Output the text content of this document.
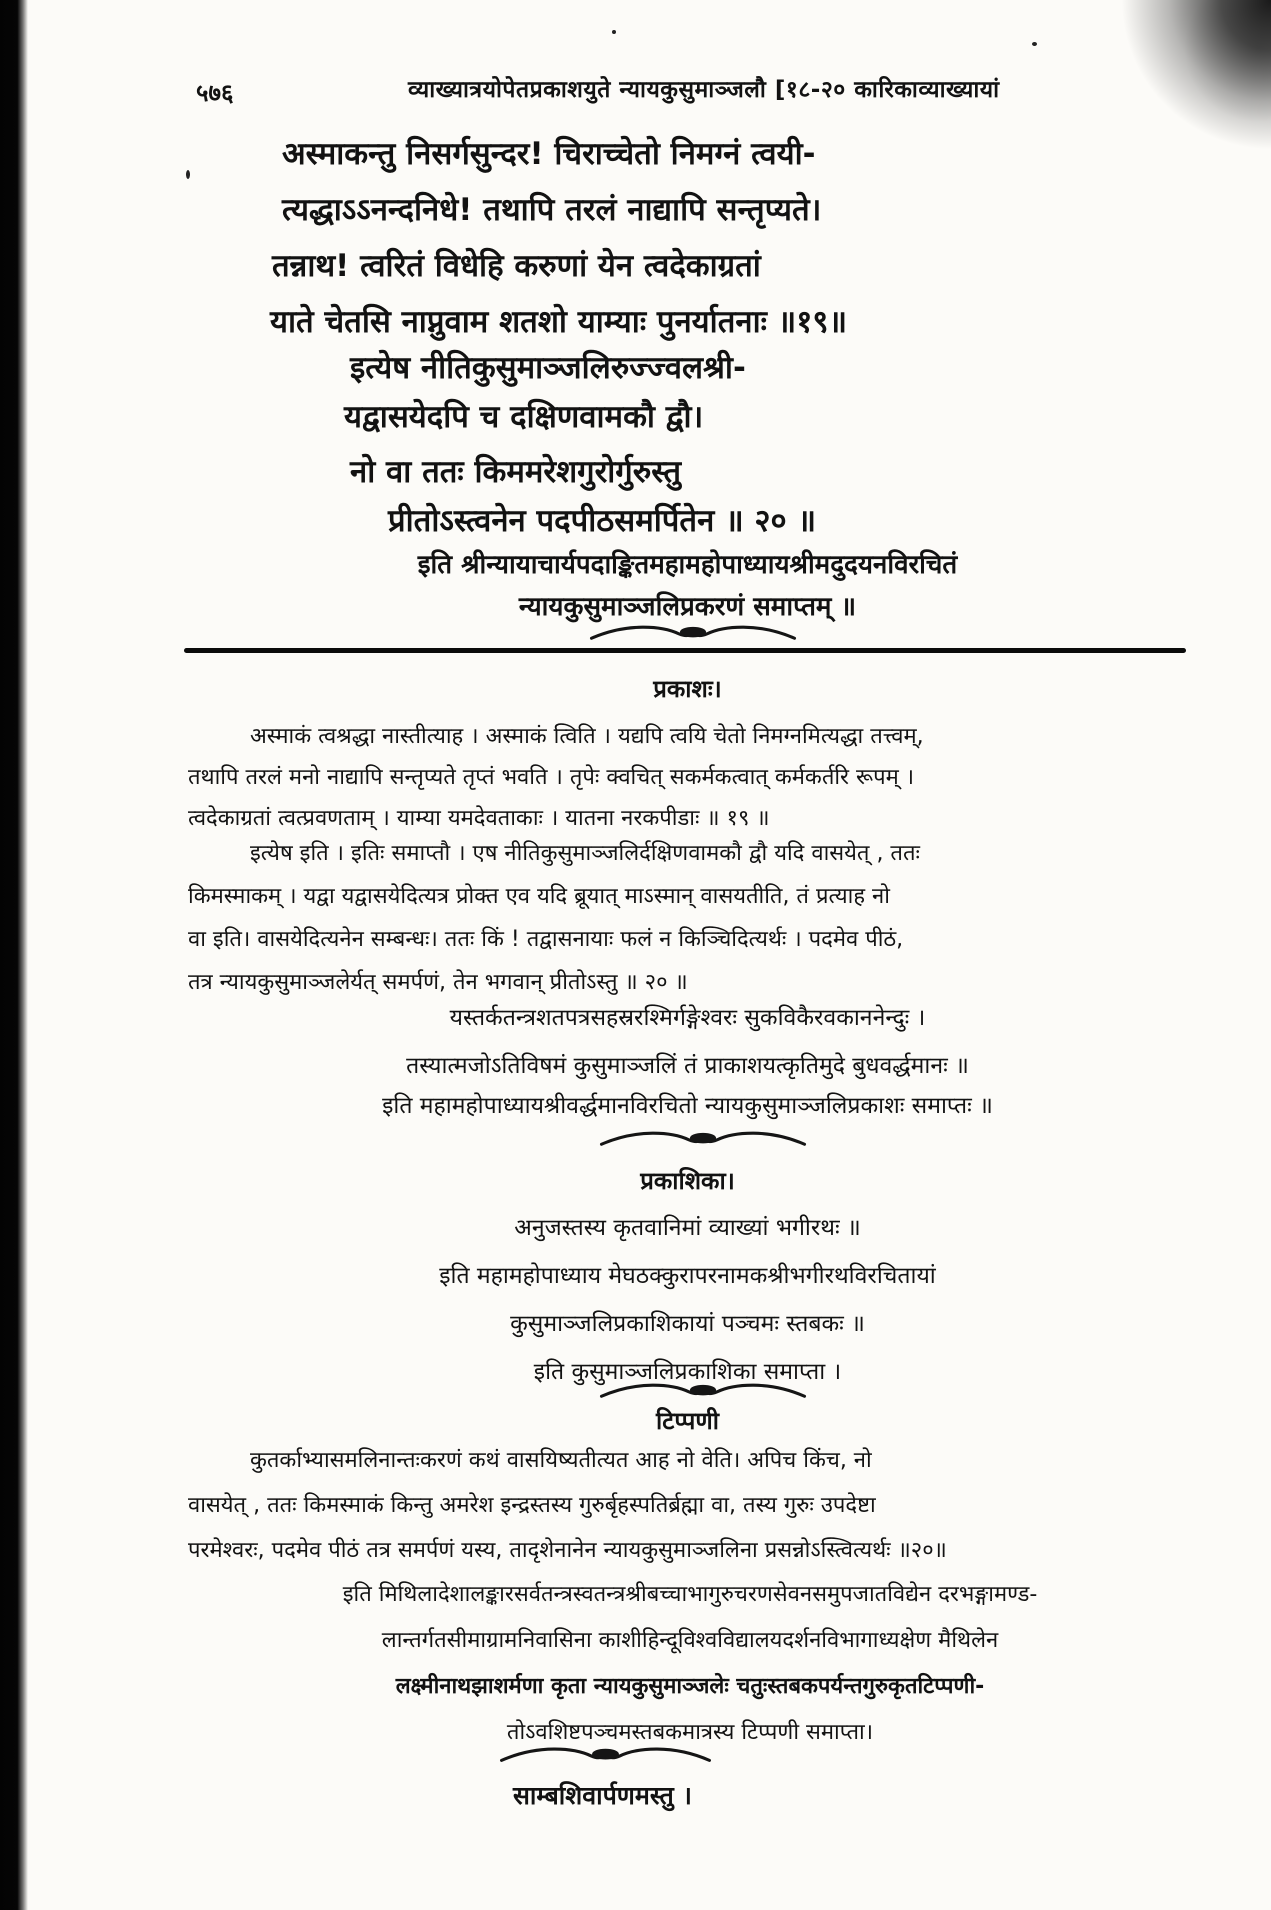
५७६	व्याख्यात्रयोपेतप्रकाशयुते न्यायकुसुमाञ्जलौ [१८-२० कारिकाव्याख्यायां
अस्माकन्तु निसर्गसुन्दर! चिराच्चेतो निमग्नं त्वयी-
त्यद्धाऽऽनन्दनिधे! तथापि तरलं नाद्यापि सन्तृप्यते।
तन्नाथ! त्वरितं विधेहि करुणां येन त्वदेकाग्रतां
याते चेतसि नाप्नुवाम शतशो याम्याः पुनर्यातनाः ॥१९॥
इत्येष नीतिकुसुमाञ्जलिरुज्ज्वलश्री-
यद्वासयेदपि च दक्षिणवामकौ द्वौ।
नो वा ततः किममरेशगुरोर्गुरुस्तु
प्रीतोऽस्त्वनेन पदपीठसमर्पितेन ॥ २० ॥
इति श्रीन्यायाचार्यपदाङ्कितमहामहोपाध्यायश्रीमदुदयनविरचितं
न्यायकुसुमाञ्जलिप्रकरणं समाप्तम् ॥
प्रकाशः।
अस्माकं त्वश्रद्धा नास्तीत्याह । अस्माकं त्विति । यद्यपि त्वयि चेतो निमग्नमित्यद्धा तत्त्वम्,
तथापि तरलं मनो नाद्यापि सन्तृप्यते तृप्तं भवति । तृपेः क्वचित् सकर्मकत्वात् कर्मकर्तरि रूपम् ।
त्वदेकाग्रतां त्वत्प्रवणताम् । याम्या यमदेवताकाः । यातना नरकपीडाः ॥ १९ ॥
इत्येष इति । इतिः समाप्तौ । एष नीतिकुसुमाञ्जलिर्दक्षिणवामकौ द्वौ यदि वासयेत् , ततः
किमस्माकम् । यद्वा यद्वासयेदित्यत्र प्रोक्त एव यदि ब्रूयात् माऽस्मान् वासयतीति, तं प्रत्याह नो
वा इति। वासयेदित्यनेन सम्बन्धः। ततः किं ! तद्वासनायाः फलं न किञ्चिदित्यर्थः । पदमेव पीठं,
तत्र न्यायकुसुमाञ्जलेर्यत् समर्पणं, तेन भगवान् प्रीतोऽस्तु ॥ २० ॥
यस्तर्कतन्त्रशतपत्रसहस्ररश्मिर्गङ्गेश्वरः सुकविकैरवकाननेन्दुः ।
तस्यात्मजोऽतिविषमं कुसुमाञ्जलिं तं प्राकाशयत्कृतिमुदे बुधवर्द्धमानः ॥
इति महामहोपाध्यायश्रीवर्द्धमानविरचितो न्यायकुसुमाञ्जलिप्रकाशः समाप्तः ॥
प्रकाशिका।
अनुजस्तस्य कृतवानिमां व्याख्यां भगीरथः ॥
इति महामहोपाध्याय मेघठक्कुरापरनामकश्रीभगीरथविरचितायां
कुसुमाञ्जलिप्रकाशिकायां पञ्चमः स्तबकः ॥
इति कुसुमाञ्जलिप्रकाशिका समाप्ता ।
टिप्पणी
कुतर्काभ्यासमलिनान्तःकरणं कथं वासयिष्यतीत्यत आह नो वेति। अपिच किंच, नो
वासयेत् , ततः किमस्माकं किन्तु अमरेश इन्द्रस्तस्य गुरुर्बृहस्पतिर्ब्रह्मा वा, तस्य गुरुः उपदेष्टा
परमेश्वरः, पदमेव पीठं तत्र समर्पणं यस्य, तादृशेनानेन न्यायकुसुमाञ्जलिना प्रसन्नोऽस्त्वित्यर्थः ॥२०॥
इति मिथिलादेशालङ्कारसर्वतन्त्रस्वतन्त्रश्रीबच्चाभागुरुचरणसेवनसमुपजातविद्येन दरभङ्गामण्ड-
लान्तर्गतसीमाग्रामनिवासिना काशीहिन्दूविश्वविद्यालयदर्शनविभागाध्यक्षेण मैथिलेन
लक्ष्मीनाथझाशर्मणा कृता न्यायकुसुमाञ्जलेः चतुःस्तबकपर्यन्तगुरुकृतटिप्पणी-
तोऽवशिष्टपञ्चमस्तबकमात्रस्य टिप्पणी समाप्ता।
साम्बशिवार्पणमस्तु ।
